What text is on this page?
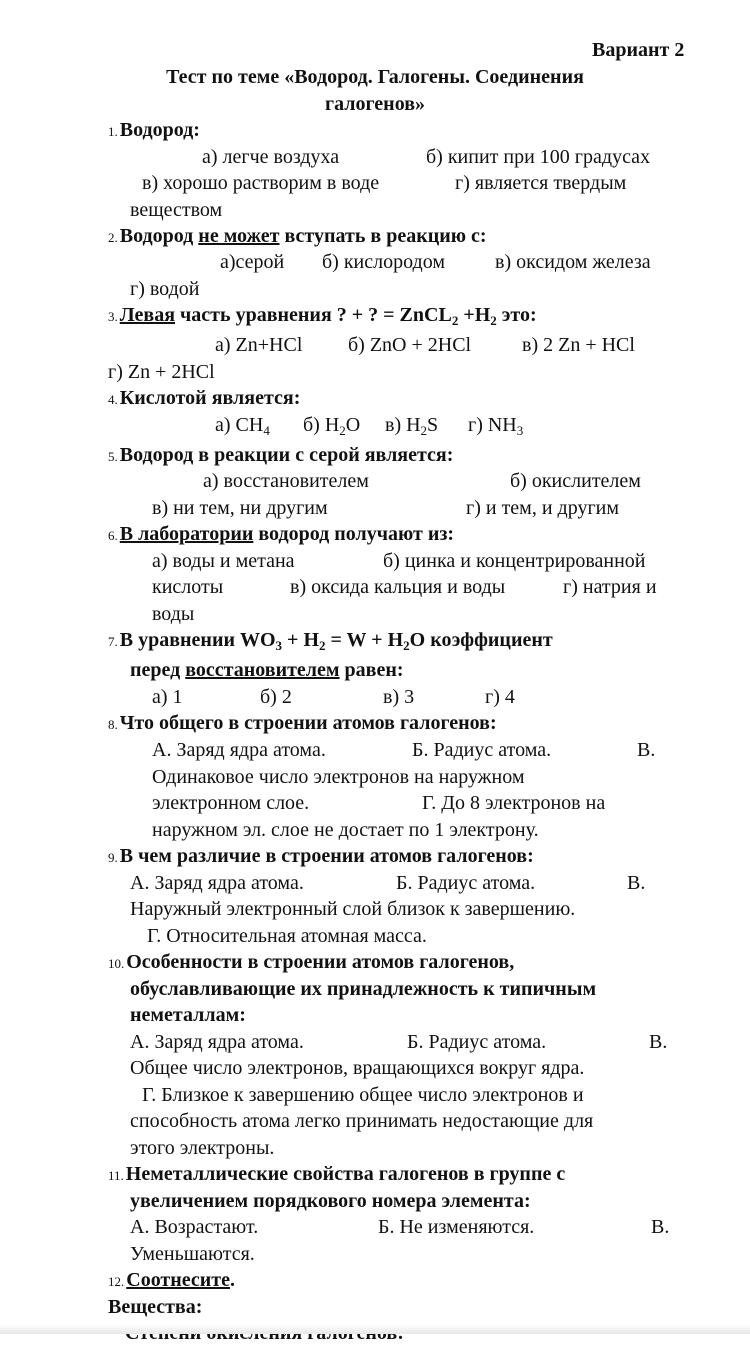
Вариант 2
Тест по теме «Водород. Галогены. Соединения
галогенов»
1. Водород:
а) легче воздуха	б) кипит при 100 градусах
в) хорошо растворим в воде	г) является твердым
веществом
2. Водород не может вступать в реакцию с:
а)серой б) кислородом	в) оксидом железа
г) водой
3. Левая часть уравнения ? + ? = ZnCL$_2$ $+H_2$ это:
а) Zn+HCl б) ZnO + 2HCl	в) 2 Zn + HCl
г) Zn + 2HCl
4. Кислотой является:
а) $CH_4$ б) $H_2O$ в) $H_2S$ г) $NH_3$
5. Водород в реакции с серой является:
а) восстановителем	б) окислителем
в) ни тем, ни другим	г) и тем, и другим
6. В лаборатории водород получают из:
а) воды и метана	б) цинка и концентрированной
кислоты	в) оксида кальция и воды	г) натрия и
воды
7. В уравнении $WO_3 + H_2 = W + H_2O$ коэффициент
перед восстановителем равен:
а) 1	б) 2	в) 3	г) 4
8. Что общего в строении атомов галогенов:
А. Заряд ядра атома.	Б. Радиус атома.	В.
Одинаковое число электронов на наружном
электронном слое.	Г. До 8 электронов на
наружном эл. слое не достает по 1 электрону.
9. В чем различие в строении атомов галогенов:
А. Заряд ядра атома.	Б. Радиус атома.	В.
Наружный электронный слой близок к завершению.
Г. Относительная атомная масса.
10. Особенности в строении атомов галогенов,
обуславливающие их принадлежность к типичным
неметаллам:
А. Заряд ядра атома.	Б. Радиус атома.	В.
Общее число электронов, вращающихся вокруг ядра.
Г. Близкое к завершению общее число электронов и
способность атома легко принимать недостающие для
этого электроны.
11. Неметаллические свойства галогенов в группе с
увеличением порядкового номера элемента:
А. Возрастают.	Б. Не изменяются.	В.
Уменьшаются.
12. Соотнесите.
Вещества:
